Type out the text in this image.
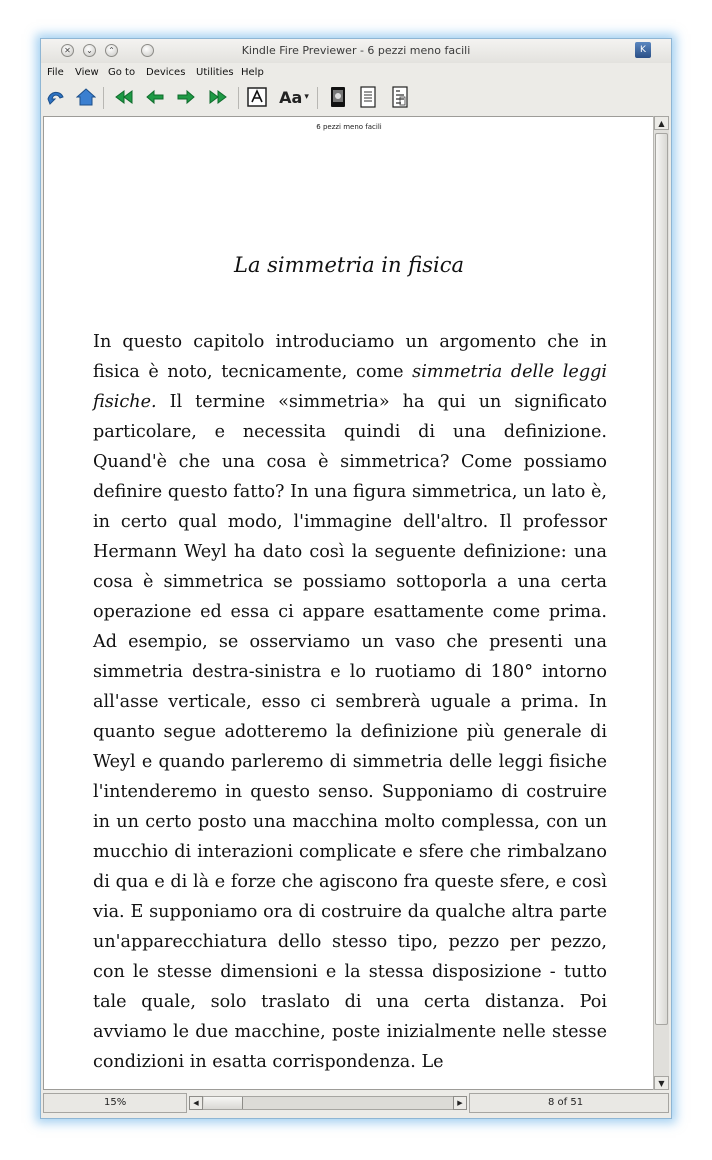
✕	⌄	⌃	Kindle Fire Previewer - 6 pezzi meno facili	K
File View Go to Devices Utilities Help
Aa ▾
6 pezzi meno facili
La simmetria in fisica
In questo capitolo introduciamo un argomento che in fisica è noto, tecnicamente, come simmetria delle leggi fisiche. Il termine «simmetria» ha qui un significato particolare, e necessita quindi di una definizione. Quand'è che una cosa è simmetrica? Come possiamo definire questo fatto? In una figura simmetrica, un lato è, in certo qual modo, l'immagine dell'altro. Il professor Hermann Weyl ha dato così la seguente definizione: una cosa è simmetrica se possiamo sottoporla a una certa operazione ed essa ci appare esattamente come prima. Ad esempio, se osserviamo un vaso che presenti una simmetria destra-sinistra e lo ruotiamo di 180° intorno all'asse verticale, esso ci sembrerà uguale a prima. In quanto segue adotteremo la definizione più generale di Weyl e quando parleremo di simmetria delle leggi fisiche l'intenderemo in questo senso. Supponiamo di costruire in un certo posto una macchina molto complessa, con un mucchio di interazioni complicate e sfere che rimbalzano di qua e di là e forze che agiscono fra queste sfere, e così via. E supponiamo ora di costruire da qualche altra parte un'apparecchiatura dello stesso tipo, pezzo per pezzo, con le stesse dimensioni e la stessa disposizione - tutto tale quale, solo traslato di una certa distanza. Poi avviamo le due macchine, poste inizialmente nelle stesse condizioni in esatta corrispondenza. Le
▲
▼
15%	◀	▶	8 of 51
